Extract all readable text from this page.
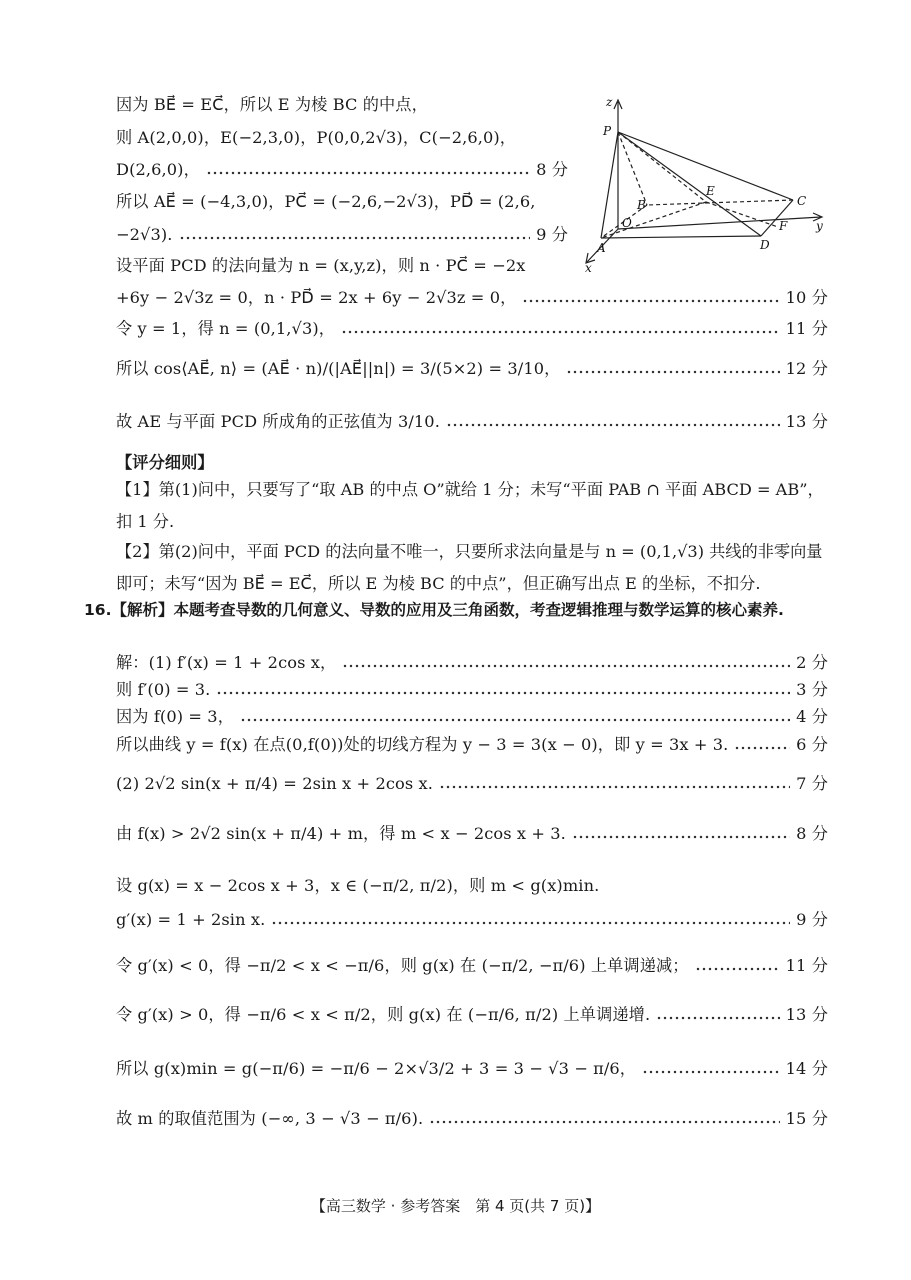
因为 BE⃗ = EC⃗，所以 E 为棱 BC 的中点，
则 A(2,0,0)，E(−2,3,0)，P(0,0,2√3)，C(−2,6,0)，
D(2,6,0)，	8 分
所以 AE⃗ = (−4,3,0)，PC⃗ = (−2,6,−2√3)，PD⃗ = (2,6,
−2√3).	9 分
设平面 PCD 的法向量为 n = (x,y,z)，则 n · PC⃗ = −2x
P
B
O
A
E
C
F
D
z
y
x
+6y − 2√3z = 0，n · PD⃗ = 2x + 6y − 2√3z = 0，	10 分
令 y = 1，得 n = (0,1,√3)，	11 分
所以 cos⟨AE⃗, n⟩ = (AE⃗ · n)/(|AE⃗||n|) = 3/(5×2) = 3/10，	12 分
故 AE 与平面 PCD 所成角的正弦值为 3/10.	13 分
【评分细则】
【1】第(1)问中，只要写了“取 AB 的中点 O”就给 1 分；未写“平面 PAB ∩ 平面 ABCD = AB”，扣 1 分.
【2】第(2)问中，平面 PCD 的法向量不唯一，只要所求法向量是与 n = (0,1,√3) 共线的非零向量即可；未写“因为 BE⃗ = EC⃗，所以 E 为棱 BC 的中点”，但正确写出点 E 的坐标，不扣分.
16.【解析】本题考查导数的几何意义、导数的应用及三角函数，考查逻辑推理与数学运算的核心素养.
解：(1) f′(x) = 1 + 2cos x，	2 分
则 f′(0) = 3.	3 分
因为 f(0) = 3，	4 分
所以曲线 y = f(x) 在点(0,f(0))处的切线方程为 y − 3 = 3(x − 0)，即 y = 3x + 3.	6 分
(2) 2√2 sin(x + π/4) = 2sin x + 2cos x.	7 分
由 f(x) > 2√2 sin(x + π/4) + m，得 m < x − 2cos x + 3.	8 分
设 g(x) = x − 2cos x + 3，x ∈ (−π/2, π/2)，则 m < g(x)min.
g′(x) = 1 + 2sin x.	9 分
令 g′(x) < 0，得 −π/2 < x < −π/6，则 g(x) 在 (−π/2, −π/6) 上单调递减；	11 分
令 g′(x) > 0，得 −π/6 < x < π/2，则 g(x) 在 (−π/6, π/2) 上单调递增.	13 分
所以 g(x)min = g(−π/6) = −π/6 − 2×√3/2 + 3 = 3 − √3 − π/6，	14 分
故 m 的取值范围为 (−∞, 3 − √3 − π/6).	15 分
【高三数学 · 参考答案　第 4 页(共 7 页)】
